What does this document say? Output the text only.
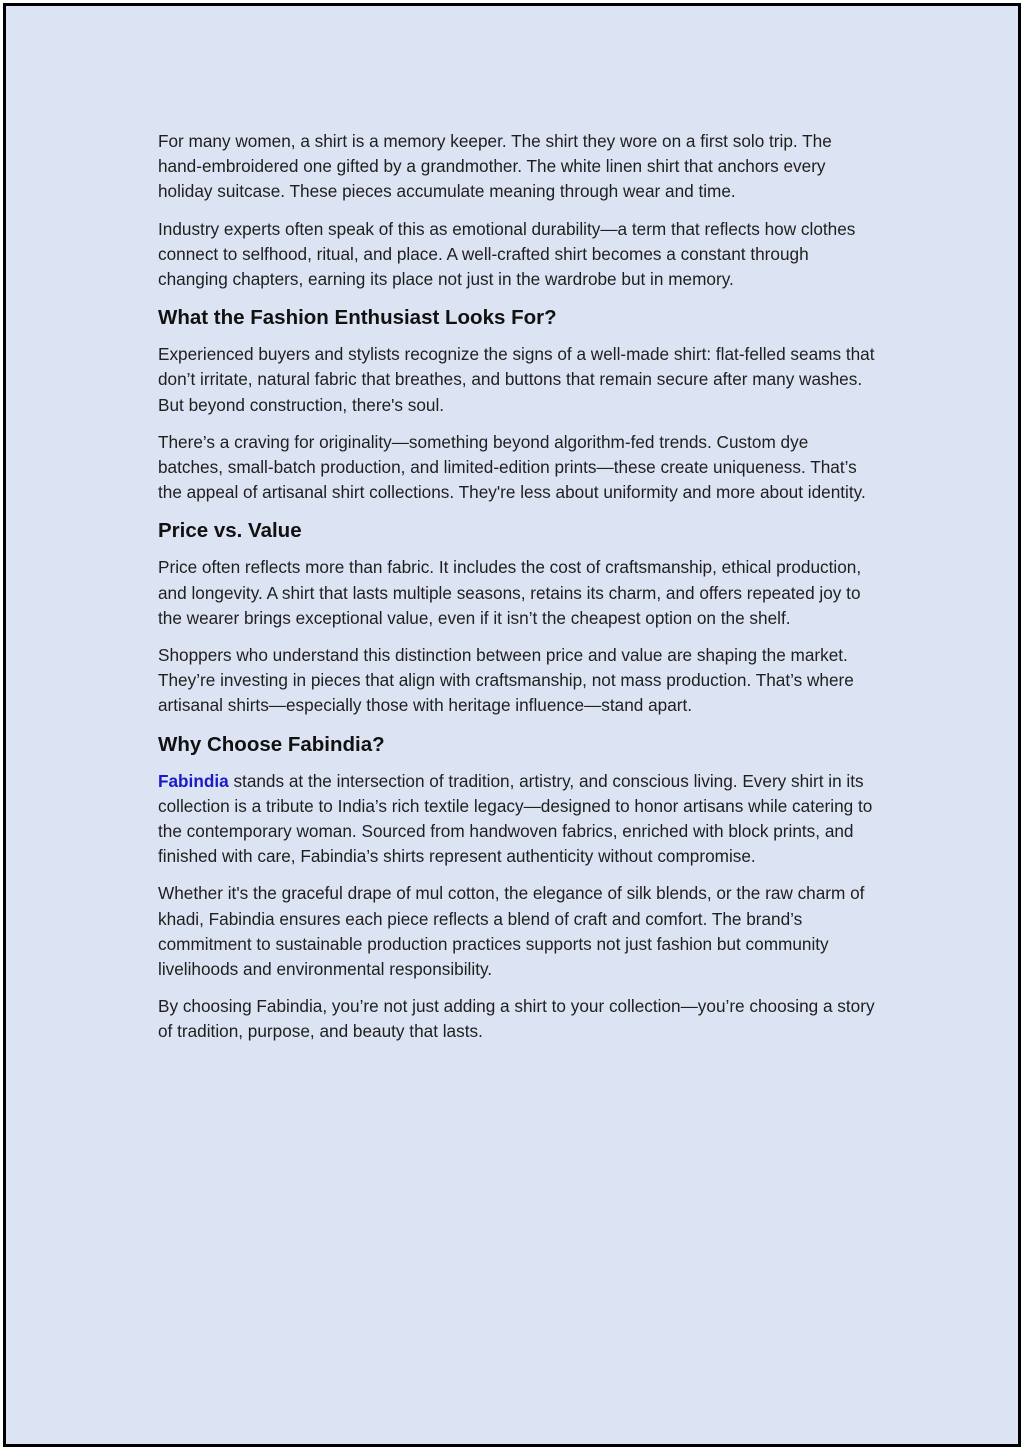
For many women, a shirt is a memory keeper. The shirt they wore on a first solo trip. The hand-embroidered one gifted by a grandmother. The white linen shirt that anchors every holiday suitcase. These pieces accumulate meaning through wear and time.

Industry experts often speak of this as emotional durability—a term that reflects how clothes connect to selfhood, ritual, and place. A well-crafted shirt becomes a constant through changing chapters, earning its place not just in the wardrobe but in memory.

What the Fashion Enthusiast Looks For?

Experienced buyers and stylists recognize the signs of a well-made shirt: flat-felled seams that don’t irritate, natural fabric that breathes, and buttons that remain secure after many washes. But beyond construction, there's soul.

There’s a craving for originality—something beyond algorithm-fed trends. Custom dye batches, small-batch production, and limited-edition prints—these create uniqueness. That’s the appeal of artisanal shirt collections. They're less about uniformity and more about identity.

Price vs. Value

Price often reflects more than fabric. It includes the cost of craftsmanship, ethical production, and longevity. A shirt that lasts multiple seasons, retains its charm, and offers repeated joy to the wearer brings exceptional value, even if it isn’t the cheapest option on the shelf.

Shoppers who understand this distinction between price and value are shaping the market. They’re investing in pieces that align with craftsmanship, not mass production. That’s where artisanal shirts—especially those with heritage influence—stand apart.

Why Choose Fabindia?

Fabindia stands at the intersection of tradition, artistry, and conscious living. Every shirt in its collection is a tribute to India’s rich textile legacy—designed to honor artisans while catering to the contemporary woman. Sourced from handwoven fabrics, enriched with block prints, and finished with care, Fabindia’s shirts represent authenticity without compromise.

Whether it's the graceful drape of mul cotton, the elegance of silk blends, or the raw charm of khadi, Fabindia ensures each piece reflects a blend of craft and comfort. The brand’s commitment to sustainable production practices supports not just fashion but community livelihoods and environmental responsibility.

By choosing Fabindia, you’re not just adding a shirt to your collection—you’re choosing a story of tradition, purpose, and beauty that lasts.
